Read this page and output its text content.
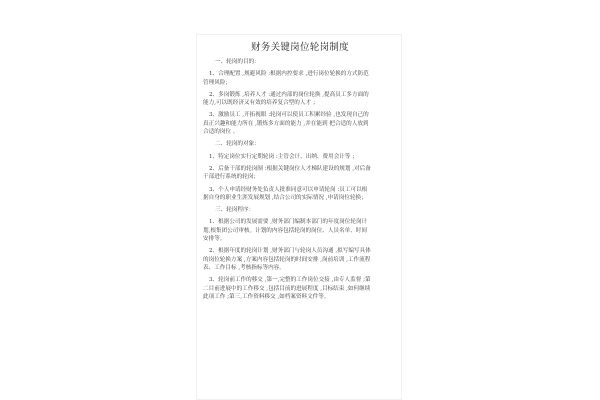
财务关键岗位轮岗制度
一、轮岗的目的：
1、合理配置 ,规避风险 :根据内控要求 ,进行岗位轮换的方式防范
管理风险；
2、多岗锻炼 ,培养人才 :通过内部的岗位轮换 ,提高员工多方面的
能力,可以既经济又有效的培养复合型的人才 ；
3、激励员工 ,开拓视眼 :轮岗可以使员工积累经验 ,也发现自己的
真正兴趣和能力所在 ,锻炼多方面的能力 ,并在能到 把合适的人放到
合适的岗位 。
二、轮岗的对象：
1、特定岗位实行定期轮岗 :主管会计、出纳、费用会计等 ；
2、后备干部的轮岗制 :根据关键岗位人才梯队建设的规划 ,对后备
干部进行系统的轮岗；
3、个人申请经财务处负责人批准同意可以申请轮岗 :员工可以根
据自身的职业生涯发展规划 ,结合公司的实际情况 ,申请岗位轮换；
三、轮岗程序：
1、根据公司的发展需要 ,财务部门编制本部门的年度岗位轮岗计
划,根集团公司审核。计划的内容包括轮岗的岗位、人员名单、时间
安排等。
2、根据年度的轮岗计划 ,财务部门与轮岗人员沟通 ,拟写编写具体
的岗位轮换方案 ,方案内容包括轮岗的时间安排 ,岗前培训 ,工作流程
表、工作目标 ,考核指标等内容。
3、轮岗前工作的移交 ,第一,完整的工作岗位交接 ,由专人监督 ;第
二目前进展中的工作移交 ,包括目前的进展程度 ,目标结束 ,如何继续
此项工作 ;第三,工作资料移交 ,如档案资料文件等。
